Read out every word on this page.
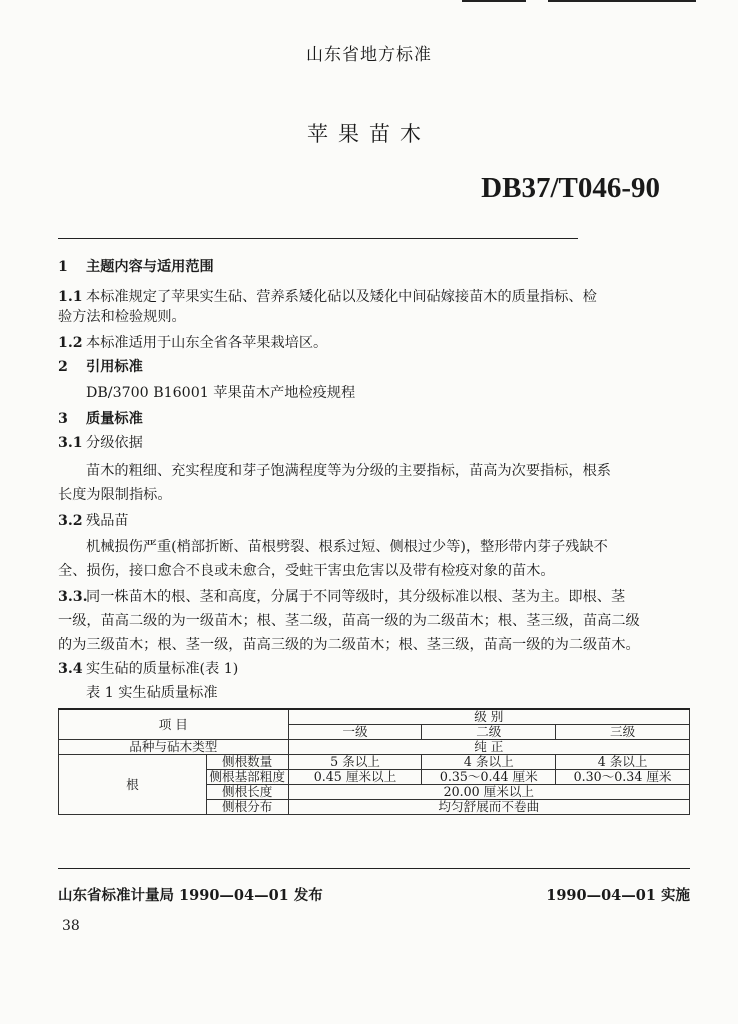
山东省地方标准
苹果苗木
DB37/T046-90
1 主题内容与适用范围
1.1 本标准规定了苹果实生砧、营养系矮化砧以及矮化中间砧嫁接苗木的质量指标、检
验方法和检验规则。
1.2 本标准适用于山东全省各苹果栽培区。
2 引用标准
DB/3700 B16001 苹果苗木产地检疫规程
3 质量标准
3.1 分级依据
苗木的粗细、充实程度和芽子饱满程度等为分级的主要指标，苗高为次要指标，根系
长度为限制指标。
3.2 残品苗
机械损伤严重(梢部折断、苗根劈裂、根系过短、侧根过少等)，整形带内芽子残缺不
全、损伤，接口愈合不良或未愈合，受蛀干害虫危害以及带有检疫对象的苗木。
3.3.同一株苗木的根、茎和高度，分属于不同等级时，其分级标准以根、茎为主。即根、茎
一级，苗高二级的为一级苗木；根、茎二级，苗高一级的为二级苗木；根、茎三级，苗高二级
的为三级苗木；根、茎一级，苗高三级的为二级苗木；根、茎三级，苗高一级的为二级苗木。
3.4 实生砧的质量标准(表 1)
表 1 实生砧质量标准
项 目		级 别		
		一级	二级	三级
品种与砧木类型		纯 正		
根	侧根数量	5 条以上	4 条以上	4 条以上
	侧根基部粗度	0.45 厘米以上	0.35～0.44 厘米	0.30～0.34 厘米
	侧根长度	20.00 厘米以上		
	侧根分布	均匀舒展而不卷曲		
山东省标准计量局 1990—04—01 发布	1990—04—01 实施
38
